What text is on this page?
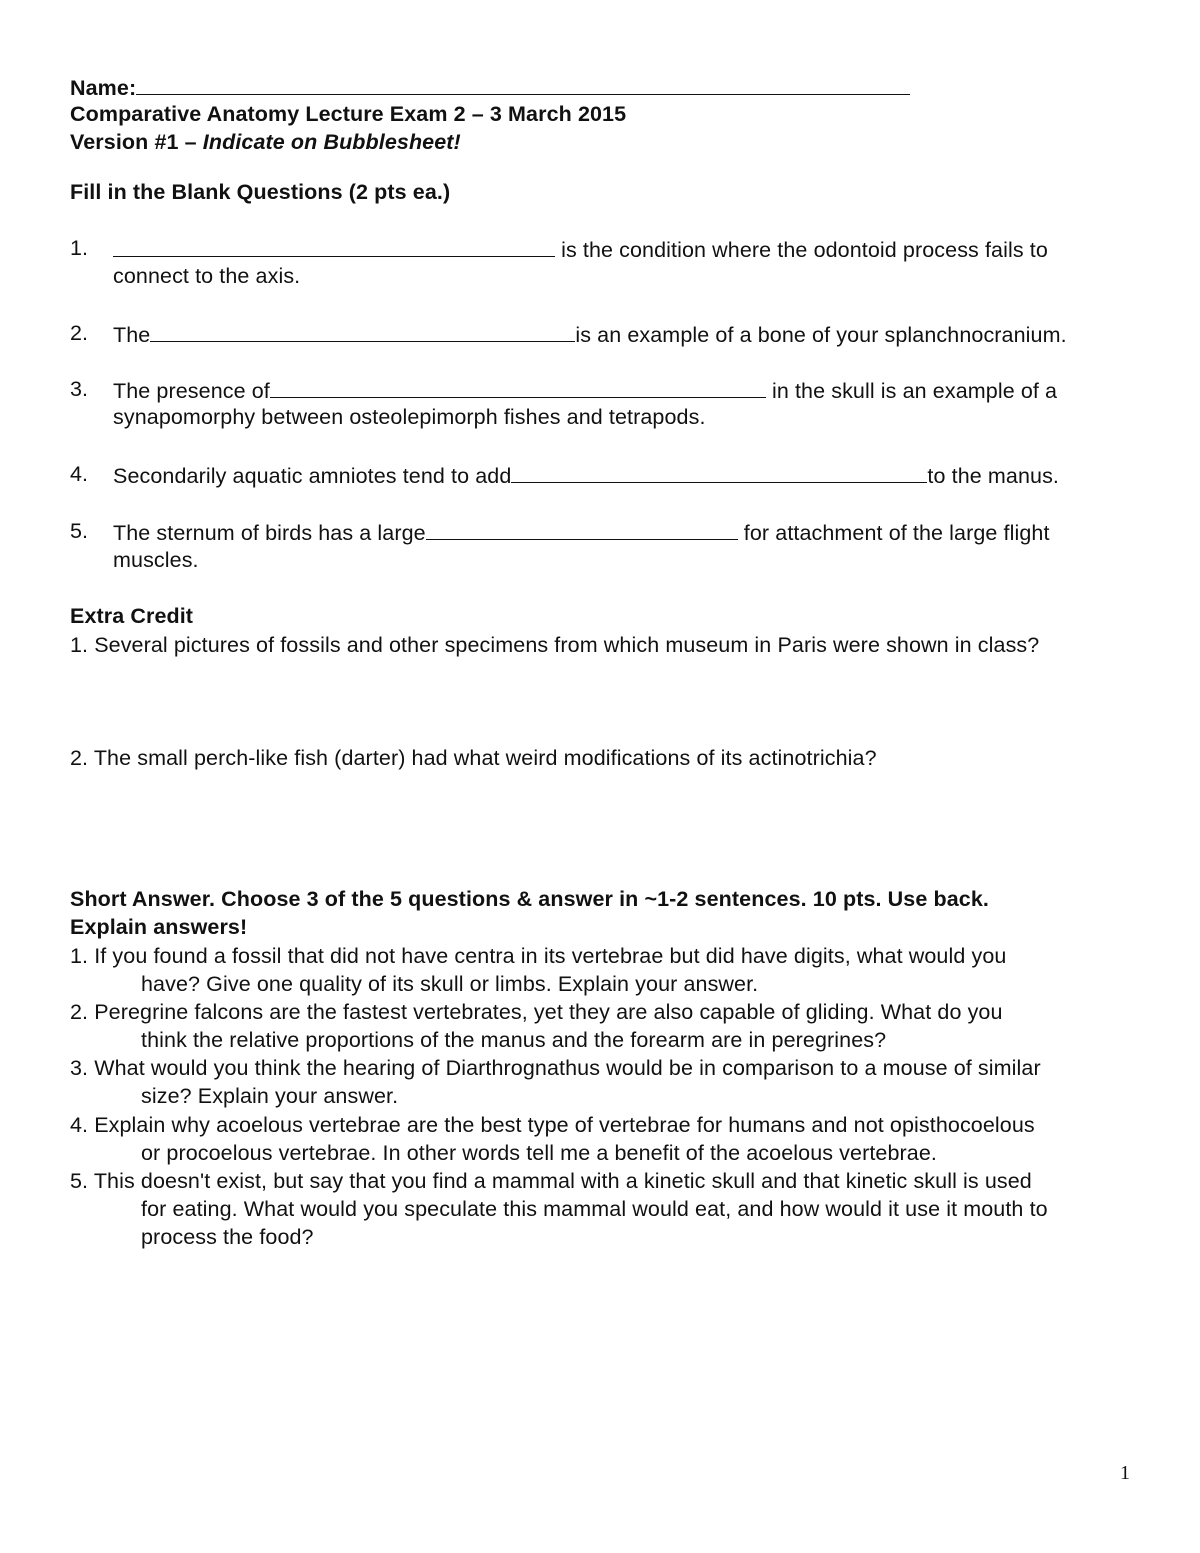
Name:
Comparative Anatomy Lecture Exam 2 – 3 March 2015
Version #1 – Indicate on Bubblesheet!
Fill in the Blank Questions (2 pts ea.)
1.	is the condition where the odontoid process fails to
connect to the axis.
2. The	is an example of a bone of your splanchnocranium.
3. The presence of	in the skull is an example of a
synapomorphy between osteolepimorph fishes and tetrapods.
4. Secondarily aquatic amniotes tend to add	to the manus.
5. The sternum of birds has a large	for attachment of the large flight
muscles.
Extra Credit
1. Several pictures of fossils and other specimens from which museum in Paris were shown in class?
2. The small perch-like fish (darter) had what weird modifications of its actinotrichia?
Short Answer. Choose 3 of the 5 questions & answer in ~1-2 sentences. 10 pts. Use back.
Explain answers!
1. If you found a fossil that did not have centra in its vertebrae but did have digits, what would you
have? Give one quality of its skull or limbs. Explain your answer.
2. Peregrine falcons are the fastest vertebrates, yet they are also capable of gliding. What do you
think the relative proportions of the manus and the forearm are in peregrines?
3. What would you think the hearing of Diarthrognathus would be in comparison to a mouse of similar
size? Explain your answer.
4. Explain why acoelous vertebrae are the best type of vertebrae for humans and not opisthocoelous
or procoelous vertebrae. In other words tell me a benefit of the acoelous vertebrae.
5. This doesn't exist, but say that you find a mammal with a kinetic skull and that kinetic skull is used
for eating. What would you speculate this mammal would eat, and how would it use it mouth to
process the food?
1
